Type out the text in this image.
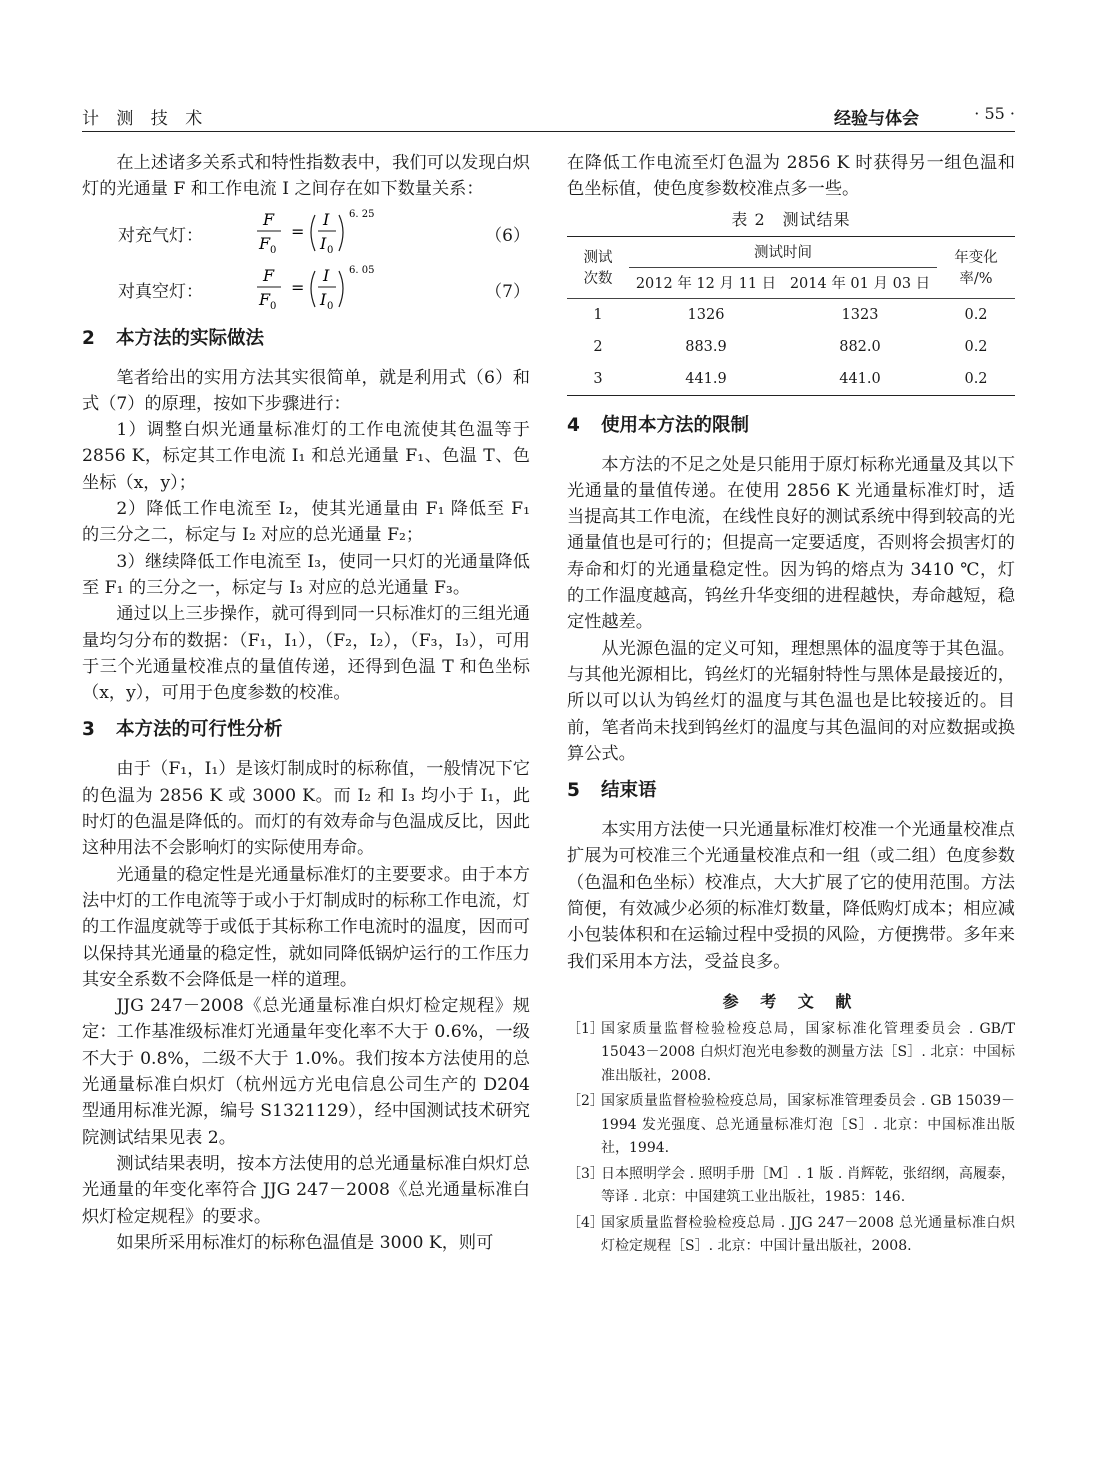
计 测 技 术	经验与体会	· 55 ·

在上述诸多关系式和特性指数表中，我们可以发现白炽灯的光通量 F 和工作电流 I 之间存在如下数量关系：

对充气灯：
F
F 0
=
I
I 0
6. 25
（6）
对真空灯：
F
F 0
=
I
I 0
6. 05
（7）
2 本方法的实际做法

笔者给出的实用方法其实很简单，就是利用式（6）和式（7）的原理，按如下步骤进行：

1）调整白炽光通量标准灯的工作电流使其色温等于 2856 K，标定其工作电流 I₁ 和总光通量 F₁、色温 T、色坐标（x，y）；

2）降低工作电流至 I₂，使其光通量由 F₁ 降低至 F₁ 的三分之二，标定与 I₂ 对应的总光通量 F₂；

3）继续降低工作电流至 I₃，使同一只灯的光通量降低至 F₁ 的三分之一，标定与 I₃ 对应的总光通量 F₃。

通过以上三步操作，就可得到同一只标准灯的三组光通量均匀分布的数据：（F₁，I₁），（F₂，I₂），（F₃，I₃），可用于三个光通量校准点的量值传递，还得到色温 T 和色坐标（x，y），可用于色度参数的校准。

3 本方法的可行性分析

由于（F₁，I₁）是该灯制成时的标称值，一般情况下它的色温为 2856 K 或 3000 K。而 I₂ 和 I₃ 均小于 I₁，此时灯的色温是降低的。而灯的有效寿命与色温成反比，因此这种用法不会影响灯的实际使用寿命。

光通量的稳定性是光通量标准灯的主要要求。由于本方法中灯的工作电流等于或小于灯制成时的标称工作电流，灯的工作温度就等于或低于其标称工作电流时的温度，因而可以保持其光通量的稳定性，就如同降低锅炉运行的工作压力其安全系数不会降低是一样的道理。

JJG 247－2008《总光通量标准白炽灯检定规程》规定：工作基准级标准灯光通量年变化率不大于 0.6%，一级不大于 0.8%，二级不大于 1.0%。我们按本方法使用的总光通量标准白炽灯（杭州远方光电信息公司生产的 D204 型通用标准光源，编号 S1321129），经中国测试技术研究院测试结果见表 2。

测试结果表明，按本方法使用的总光通量标准白炽灯总光通量的年变化率符合 JJG 247－2008《总光通量标准白炽灯检定规程》的要求。

如果所采用标准灯的标称色温值是 3000 K，则可

在降低工作电流至灯色温为 2856 K 时获得另一组色温和色坐标值，使色度参数校准点多一些。

表 2　测试结果
测试
次数	测试时间		年变化
率/%
	2012 年 12 月 11 日	2014 年 01 月 03 日	
1	1326	1323	0.2
2	883.9	882.0	0.2
3	441.9	441.0	0.2
4 使用本方法的限制

本方法的不足之处是只能用于原灯标称光通量及其以下光通量的量值传递。在使用 2856 K 光通量标准灯时，适当提高其工作电流，在线性良好的测试系统中得到较高的光通量值也是可行的；但提高一定要适度，否则将会损害灯的寿命和灯的光通量稳定性。因为钨的熔点为 3410 ℃，灯的工作温度越高，钨丝升华变细的进程越快，寿命越短，稳定性越差。

从光源色温的定义可知，理想黑体的温度等于其色温。与其他光源相比，钨丝灯的光辐射特性与黑体是最接近的，所以可以认为钨丝灯的温度与其色温也是比较接近的。目前，笔者尚未找到钨丝灯的温度与其色温间的对应数据或换算公式。

5 结束语

本实用方法使一只光通量标准灯校准一个光通量校准点扩展为可校准三个光通量校准点和一组（或二组）色度参数（色温和色坐标）校准点，大大扩展了它的使用范围。方法简便，有效减少必须的标准灯数量，降低购灯成本；相应减小包装体积和在运输过程中受损的风险，方便携带。多年来我们采用本方法，受益良多。

参 考 文 献
［1］
国家质量监督检验检疫总局，国家标准化管理委员会 . GB/T 15043－2008 白炽灯泡光电参数的测量方法［S］. 北京：中国标准出版社，2008.
［2］
国家质量监督检验检疫总局，国家标准管理委员会 . GB 15039－1994 发光强度、总光通量标准灯泡［S］. 北京：中国标准出版社，1994.
［3］
日本照明学会 . 照明手册［M］. 1 版 . 肖辉乾，张绍纲，高履泰，等译 . 北京：中国建筑工业出版社，1985：146.
［4］
国家质量监督检验检疫总局 . JJG 247－2008 总光通量标准白炽灯检定规程［S］. 北京：中国计量出版社，2008.
